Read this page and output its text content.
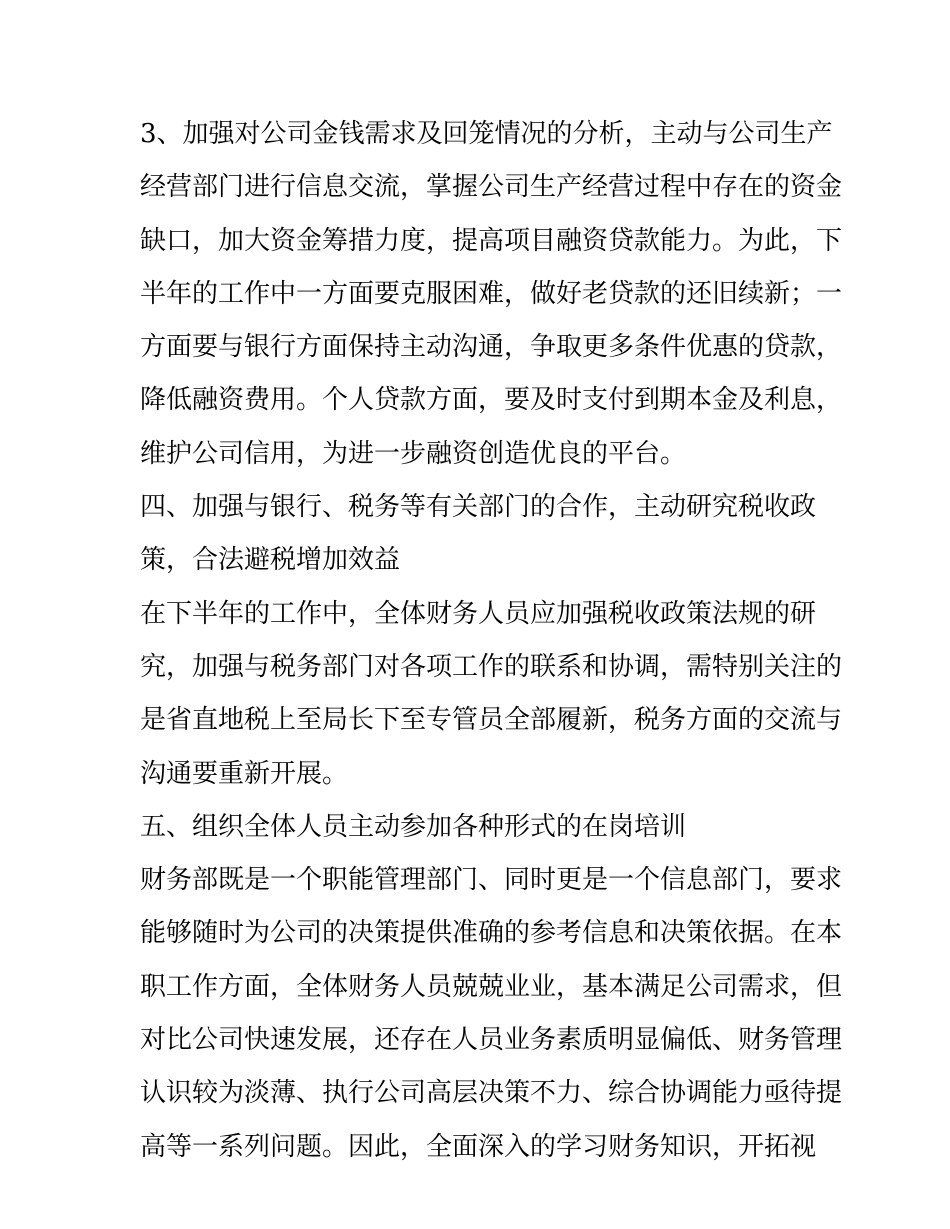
3、加强对公司金钱需求及回笼情况的分析，主动与公司生产
经营部门进行信息交流，掌握公司生产经营过程中存在的资金
缺口，加大资金筹措力度，提高项目融资贷款能力。为此，下
半年的工作中一方面要克服困难，做好老贷款的还旧续新；一
方面要与银行方面保持主动沟通，争取更多条件优惠的贷款，
降低融资费用。个人贷款方面，要及时支付到期本金及利息，
维护公司信用，为进一步融资创造优良的平台。
四、加强与银行、税务等有关部门的合作，主动研究税收政
策，合法避税增加效益
在下半年的工作中，全体财务人员应加强税收政策法规的研
究，加强与税务部门对各项工作的联系和协调，需特别关注的
是省直地税上至局长下至专管员全部履新，税务方面的交流与
沟通要重新开展。
五、组织全体人员主动参加各种形式的在岗培训
财务部既是一个职能管理部门、同时更是一个信息部门，要求
能够随时为公司的决策提供准确的参考信息和决策依据。在本
职工作方面，全体财务人员兢兢业业，基本满足公司需求，但
对比公司快速发展，还存在人员业务素质明显偏低、财务管理
认识较为淡薄、执行公司高层决策不力、综合协调能力亟待提
高等一系列问题。因此，全面深入的学习财务知识，开拓视
